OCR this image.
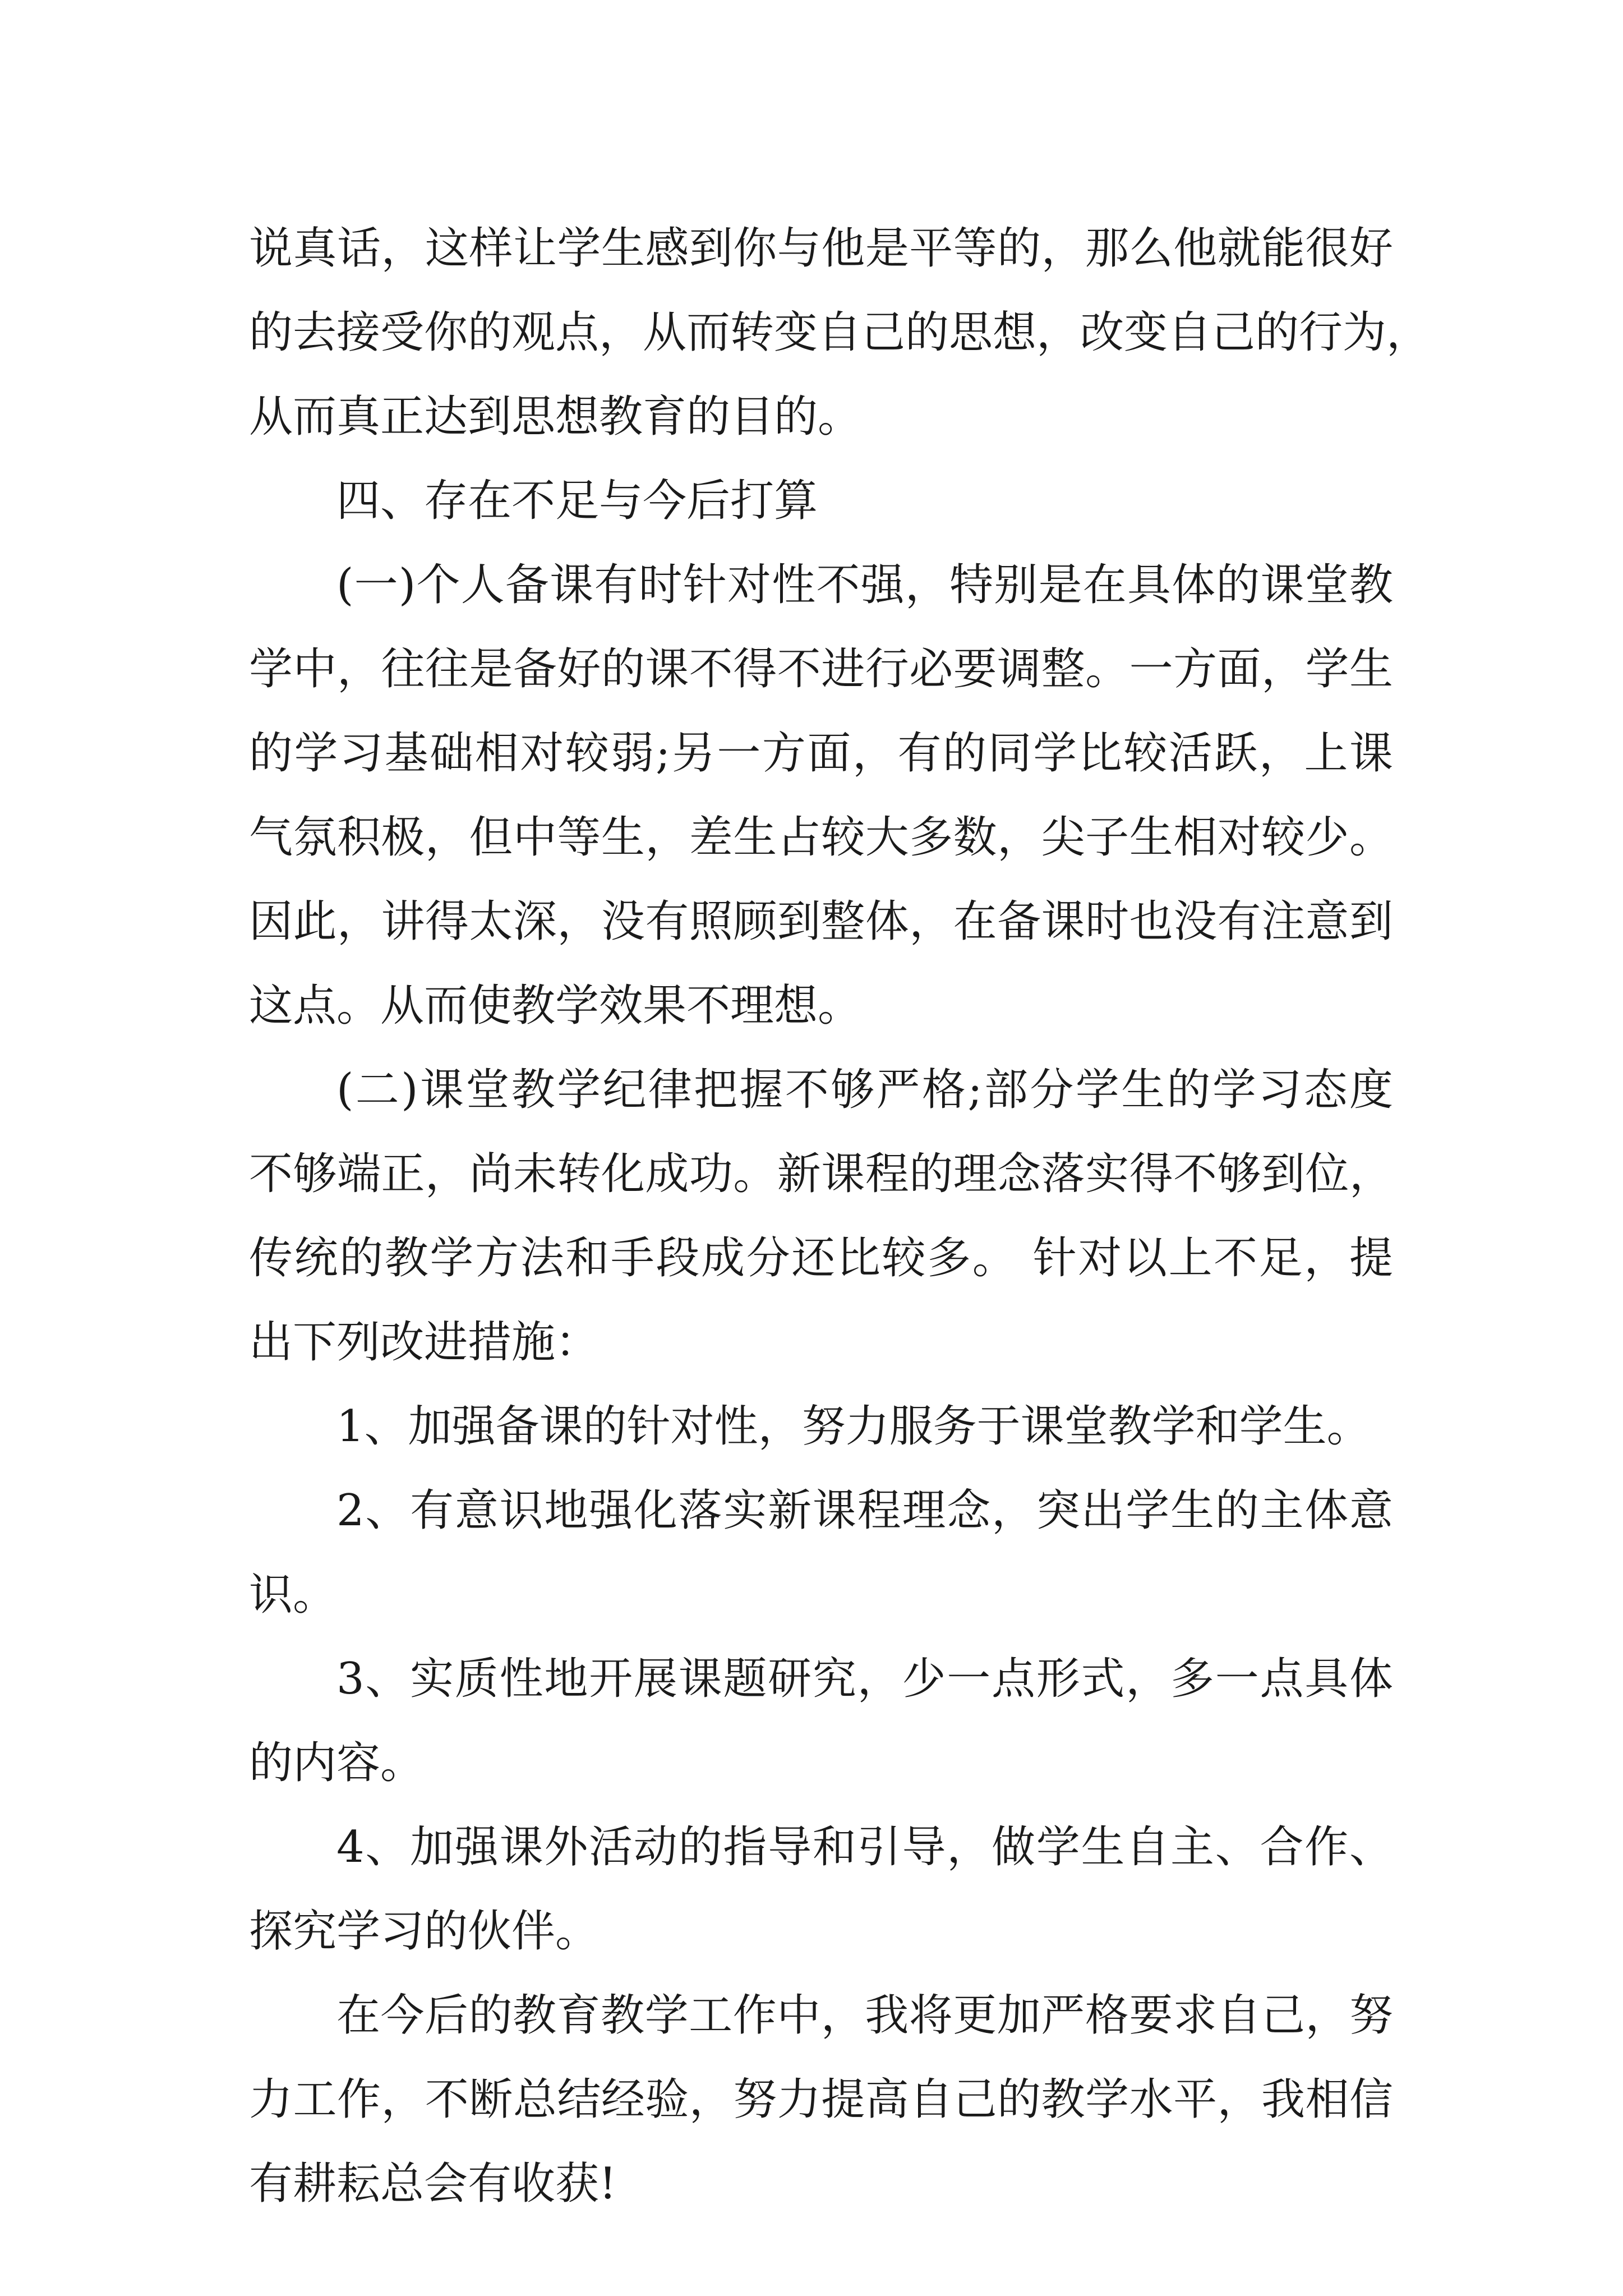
说真话，这样让学生感到你与他是平等的，那么他就能很好
的去接受你的观点，从而转变自己的思想，改变自己的行为，
从而真正达到思想教育的目的。
四、存在不足与今后打算
(一)个人备课有时针对性不强，特别是在具体的课堂教
学中，往往是备好的课不得不进行必要调整。一方面，学生
的学习基础相对较弱;另一方面，有的同学比较活跃，上课
气氛积极，但中等生，差生占较大多数，尖子生相对较少。
因此，讲得太深，没有照顾到整体，在备课时也没有注意到
这点。从而使教学效果不理想。
(二)课堂教学纪律把握不够严格;部分学生的学习态度
不够端正，尚未转化成功。新课程的理念落实得不够到位，
传统的教学方法和手段成分还比较多。 针对以上不足，提
出下列改进措施：
1、加强备课的针对性，努力服务于课堂教学和学生。
2、有意识地强化落实新课程理念，突出学生的主体意
识。
3、实质性地开展课题研究，少一点形式，多一点具体
的内容。
4、加强课外活动的指导和引导，做学生自主、合作、
探究学习的伙伴。
在今后的教育教学工作中，我将更加严格要求自己，努
力工作，不断总结经验，努力提高自己的教学水平，我相信
有耕耘总会有收获!
